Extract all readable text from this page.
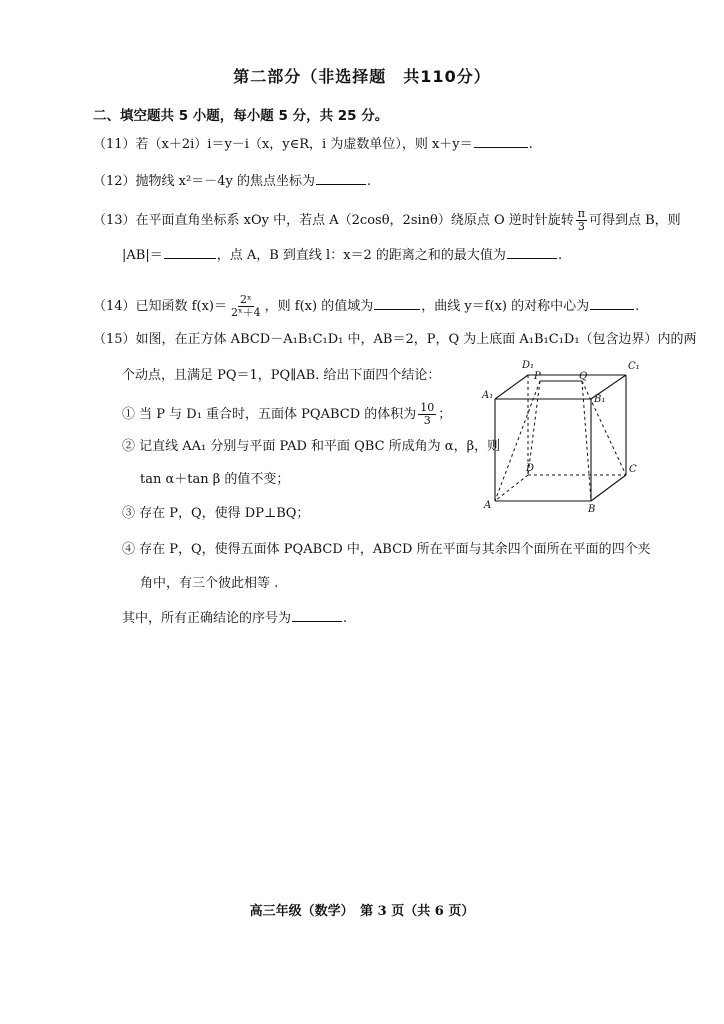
第二部分（非选择题　共110分）
二、填空题共 5 小题，每小题 5 分，共 25 分。
（11）若（x＋2i）i＝y－i（x，y∈R，i 为虚数单位），则 x＋y＝	.
（12）抛物线 x²＝－4y 的焦点坐标为	.
（13）在平面直角坐标系 xOy 中，若点 A（2cosθ，2sinθ）绕原点 O 逆时针旋转 $\frac{\pi}{3}$ 可得到点 B，则
|AB|＝	，点 A，B 到直线 l：x＝2 的距离之和的最大值为	.
（14）已知函数 $f(x)= \frac{\text{2ˣ}}{\text{2ˣ＋4}}$ ，则 f(x) 的值域为	，曲线 y＝f(x) 的对称中心为	.
（15）如图，在正方体 ABCD－A₁B₁C₁D₁ 中，AB＝2，P，Q 为上底面 A₁B₁C₁D₁（包含边界）内的两
个动点，且满足 PQ＝1，PQ∥AB. 给出下面四个结论：
① 当 P 与 D₁ 重合时，五面体 PQABCD 的体积为 $\frac{10}{3}$ ；
② 记直线 AA₁ 分别与平面 PAD 和平面 QBC 所成角为 α，β，则
tan α＋tan β 的值不变；
③ 存在 P，Q，使得 DP⊥BQ；
④ 存在 P，Q，使得五面体 PQABCD 中，ABCD 所在平面与其余四个面所在平面的四个夹
角中，有三个彼此相等 .
其中，所有正确结论的序号为	.
D₁	C₁
A₁	B₁
P	Q
D	C
A	B
高三年级（数学）　第 3 页（共 6 页）
